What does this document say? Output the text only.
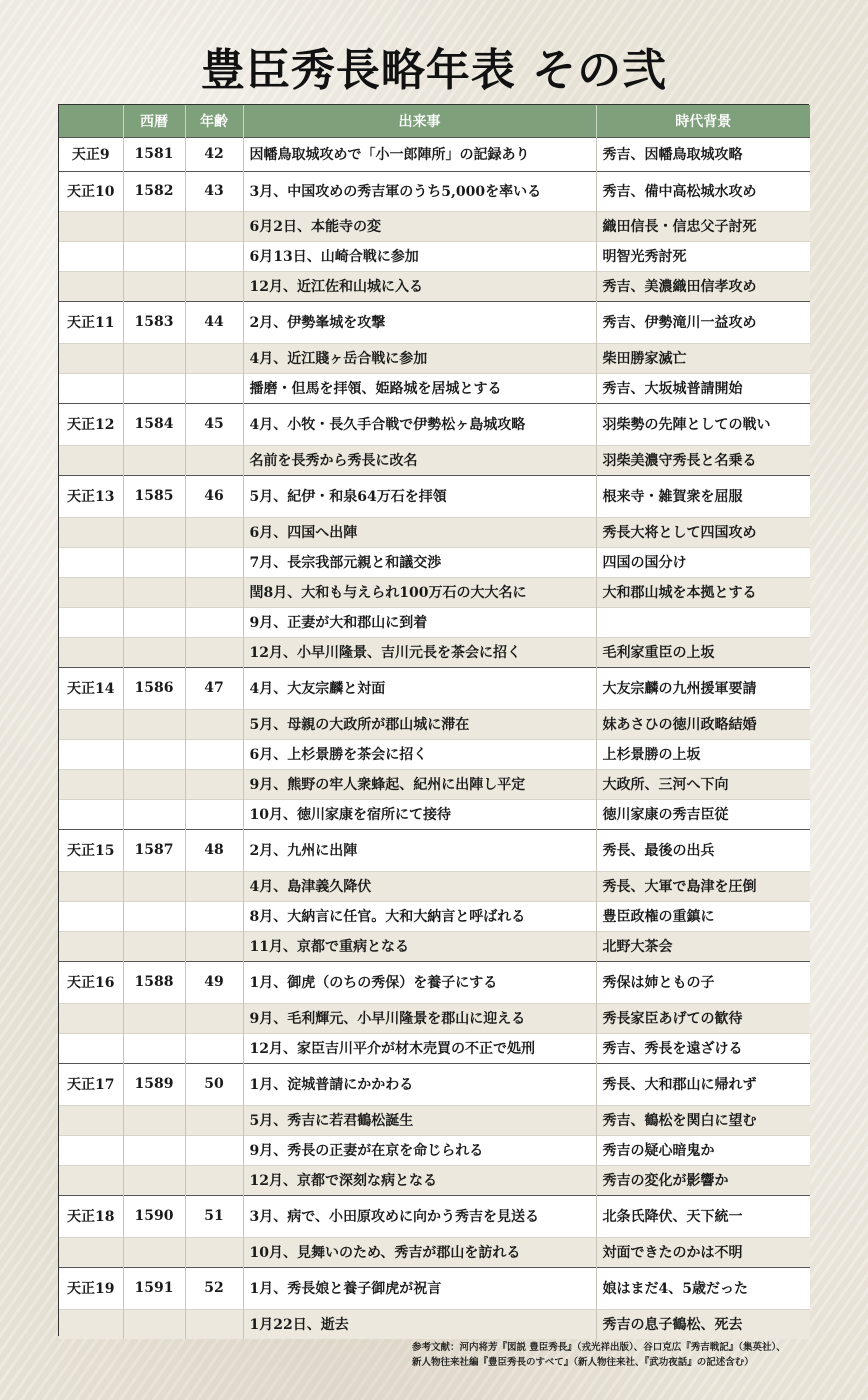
豊臣秀長略年表 その弐
	西暦	年齢	出来事	時代背景
天正9	1581	42	因幡鳥取城攻めで「小一郎陣所」の記録あり	秀吉、因幡鳥取城攻略
天正10	1582	43	3月、中国攻めの秀吉軍のうち5,000を率いる	秀吉、備中高松城水攻め
			6月2日、本能寺の変	織田信長・信忠父子討死
			6月13日、山崎合戦に参加	明智光秀討死
			12月、近江佐和山城に入る	秀吉、美濃織田信孝攻め
天正11	1583	44	2月、伊勢峯城を攻撃	秀吉、伊勢滝川一益攻め
			4月、近江賤ヶ岳合戦に参加	柴田勝家滅亡
			播磨・但馬を拝領、姫路城を居城とする	秀吉、大坂城普請開始
天正12	1584	45	4月、小牧・長久手合戦で伊勢松ヶ島城攻略	羽柴勢の先陣としての戦い
			名前を長秀から秀長に改名	羽柴美濃守秀長と名乗る
天正13	1585	46	5月、紀伊・和泉64万石を拝領	根来寺・雑賀衆を屈服
			6月、四国へ出陣	秀長大将として四国攻め
			7月、長宗我部元親と和議交渉	四国の国分け
			閏8月、大和も与えられ100万石の大大名に	大和郡山城を本拠とする
			9月、正妻が大和郡山に到着	
			12月、小早川隆景、吉川元長を茶会に招く	毛利家重臣の上坂
天正14	1586	47	4月、大友宗麟と対面	大友宗麟の九州援軍要請
			5月、母親の大政所が郡山城に滞在	妹あさひの徳川政略結婚
			6月、上杉景勝を茶会に招く	上杉景勝の上坂
			9月、熊野の牢人衆蜂起、紀州に出陣し平定	大政所、三河へ下向
			10月、徳川家康を宿所にて接待	徳川家康の秀吉臣従
天正15	1587	48	2月、九州に出陣	秀長、最後の出兵
			4月、島津義久降伏	秀長、大軍で島津を圧倒
			8月、大納言に任官。大和大納言と呼ばれる	豊臣政権の重鎮に
			11月、京都で重病となる	北野大茶会
天正16	1588	49	1月、御虎（のちの秀保）を養子にする	秀保は姉ともの子
			9月、毛利輝元、小早川隆景を郡山に迎える	秀長家臣あげての歓待
			12月、家臣吉川平介が材木売買の不正で処刑	秀吉、秀長を遠ざける
天正17	1589	50	1月、淀城普請にかかわる	秀長、大和郡山に帰れず
			5月、秀吉に若君鶴松誕生	秀吉、鶴松を関白に望む
			9月、秀長の正妻が在京を命じられる	秀吉の疑心暗鬼か
			12月、京都で深刻な病となる	秀吉の変化が影響か
天正18	1590	51	3月、病で、小田原攻めに向かう秀吉を見送る	北条氏降伏、天下統一
			10月、見舞いのため、秀吉が郡山を訪れる	対面できたのかは不明
天正19	1591	52	1月、秀長娘と養子御虎が祝言	娘はまだ4、5歳だった
			1月22日、逝去	秀吉の息子鶴松、死去
参考文献：河内将芳『図説 豊臣秀長』（戎光祥出版）、谷口克広『秀吉戦記』（集英社）、
新人物往来社編『豊臣秀長のすべて』（新人物往来社、『武功夜話』の記述含む）
